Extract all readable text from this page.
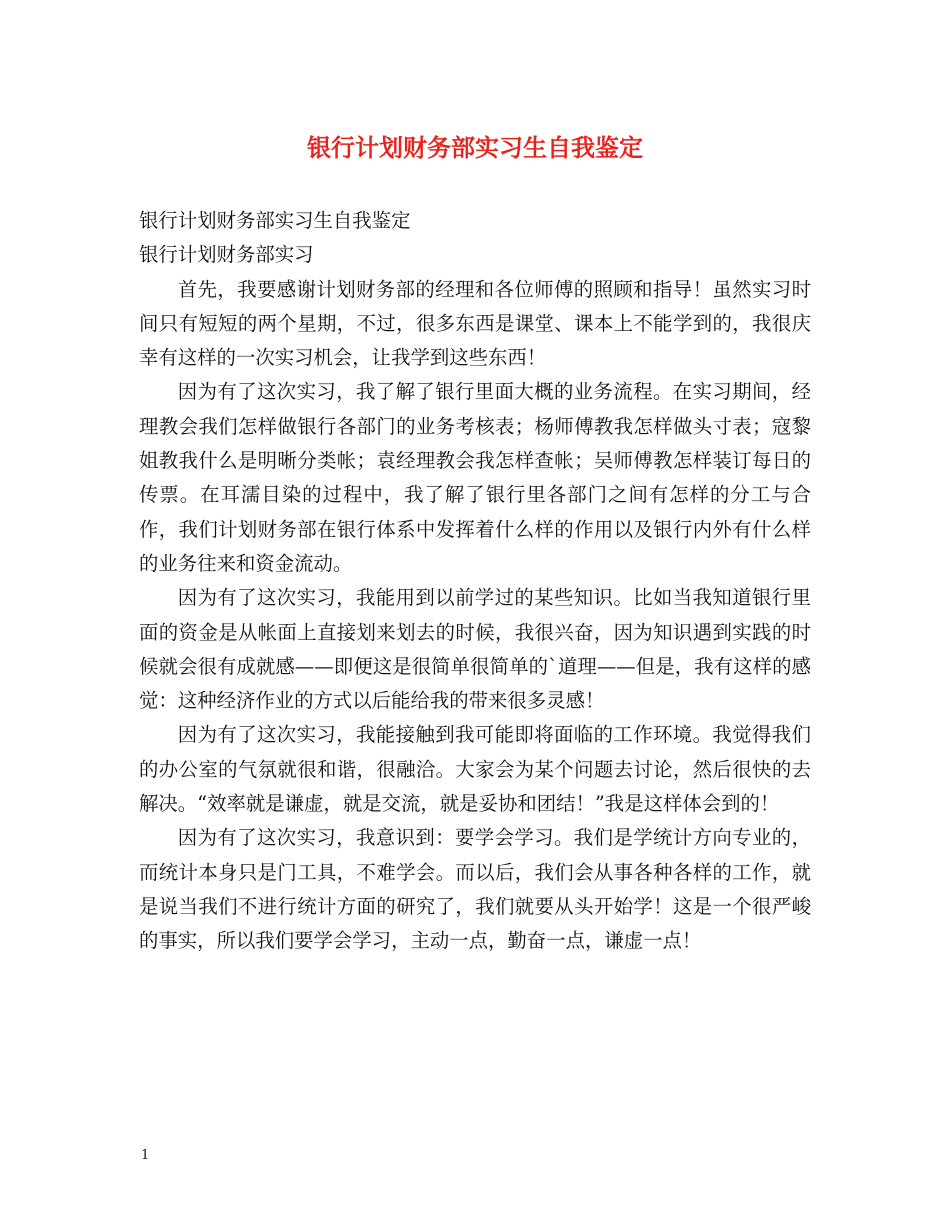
银行计划财务部实习生自我鉴定
银行计划财务部实习生自我鉴定
银行计划财务部实习

首先，我要感谢计划财务部的经理和各位师傅的照顾和指导！虽然实习时间只有短短的两个星期，不过，很多东西是课堂、课本上不能学到的，我很庆幸有这样的一次实习机会，让我学到这些东西！

因为有了这次实习，我了解了银行里面大概的业务流程。在实习期间，经理教会我们怎样做银行各部门的业务考核表；杨师傅教我怎样做头寸表；寇黎姐教我什么是明晰分类帐；袁经理教会我怎样查帐；吴师傅教怎样装订每日的传票。在耳濡目染的过程中，我了解了银行里各部门之间有怎样的分工与合作，我们计划财务部在银行体系中发挥着什么样的作用以及银行内外有什么样的业务往来和资金流动。

因为有了这次实习，我能用到以前学过的某些知识。比如当我知道银行里面的资金是从帐面上直接划来划去的时候，我很兴奋，因为知识遇到实践的时候就会很有成就感——即便这是很简单很简单的`道理——但是，我有这样的感觉：这种经济作业的方式以后能给我的带来很多灵感！

因为有了这次实习，我能接触到我可能即将面临的工作环境。我觉得我们的办公室的气氛就很和谐，很融洽。大家会为某个问题去讨论，然后很快的去解决。“效率就是谦虚，就是交流，就是妥协和团结！”我是这样体会到的！

因为有了这次实习，我意识到：要学会学习。我们是学统计方向专业的，而统计本身只是门工具，不难学会。而以后，我们会从事各种各样的工作，就是说当我们不进行统计方面的研究了，我们就要从头开始学！这是一个很严峻的事实，所以我们要学会学习，主动一点，勤奋一点，谦虚一点！

1
